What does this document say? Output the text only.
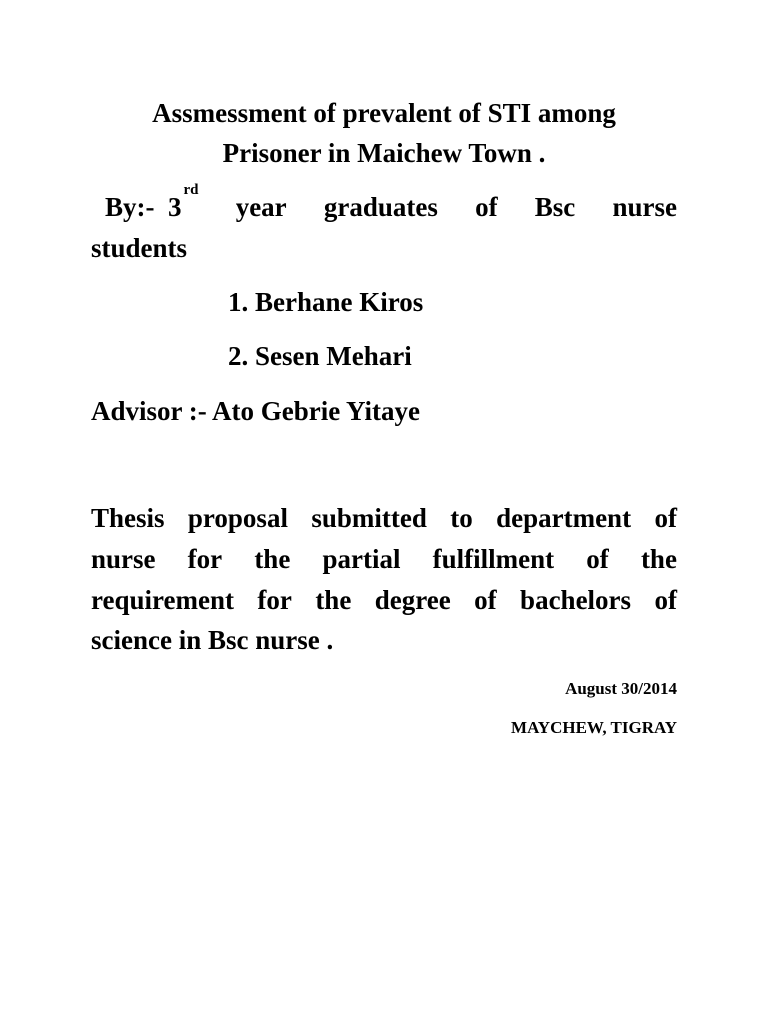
Assmessment of prevalent of STI among
Prisoner in Maichew Town .
By:- 3rd
year graduates of Bsc nurse
students
1. Berhane Kiros
2. Sesen Mehari
Advisor :- Ato Gebrie Yitaye
Thesis proposal submitted to department of
nurse for the partial fulfillment of the
requirement for the degree of bachelors of
science in Bsc nurse .
August 30/2014
MAYCHEW, TIGRAY
